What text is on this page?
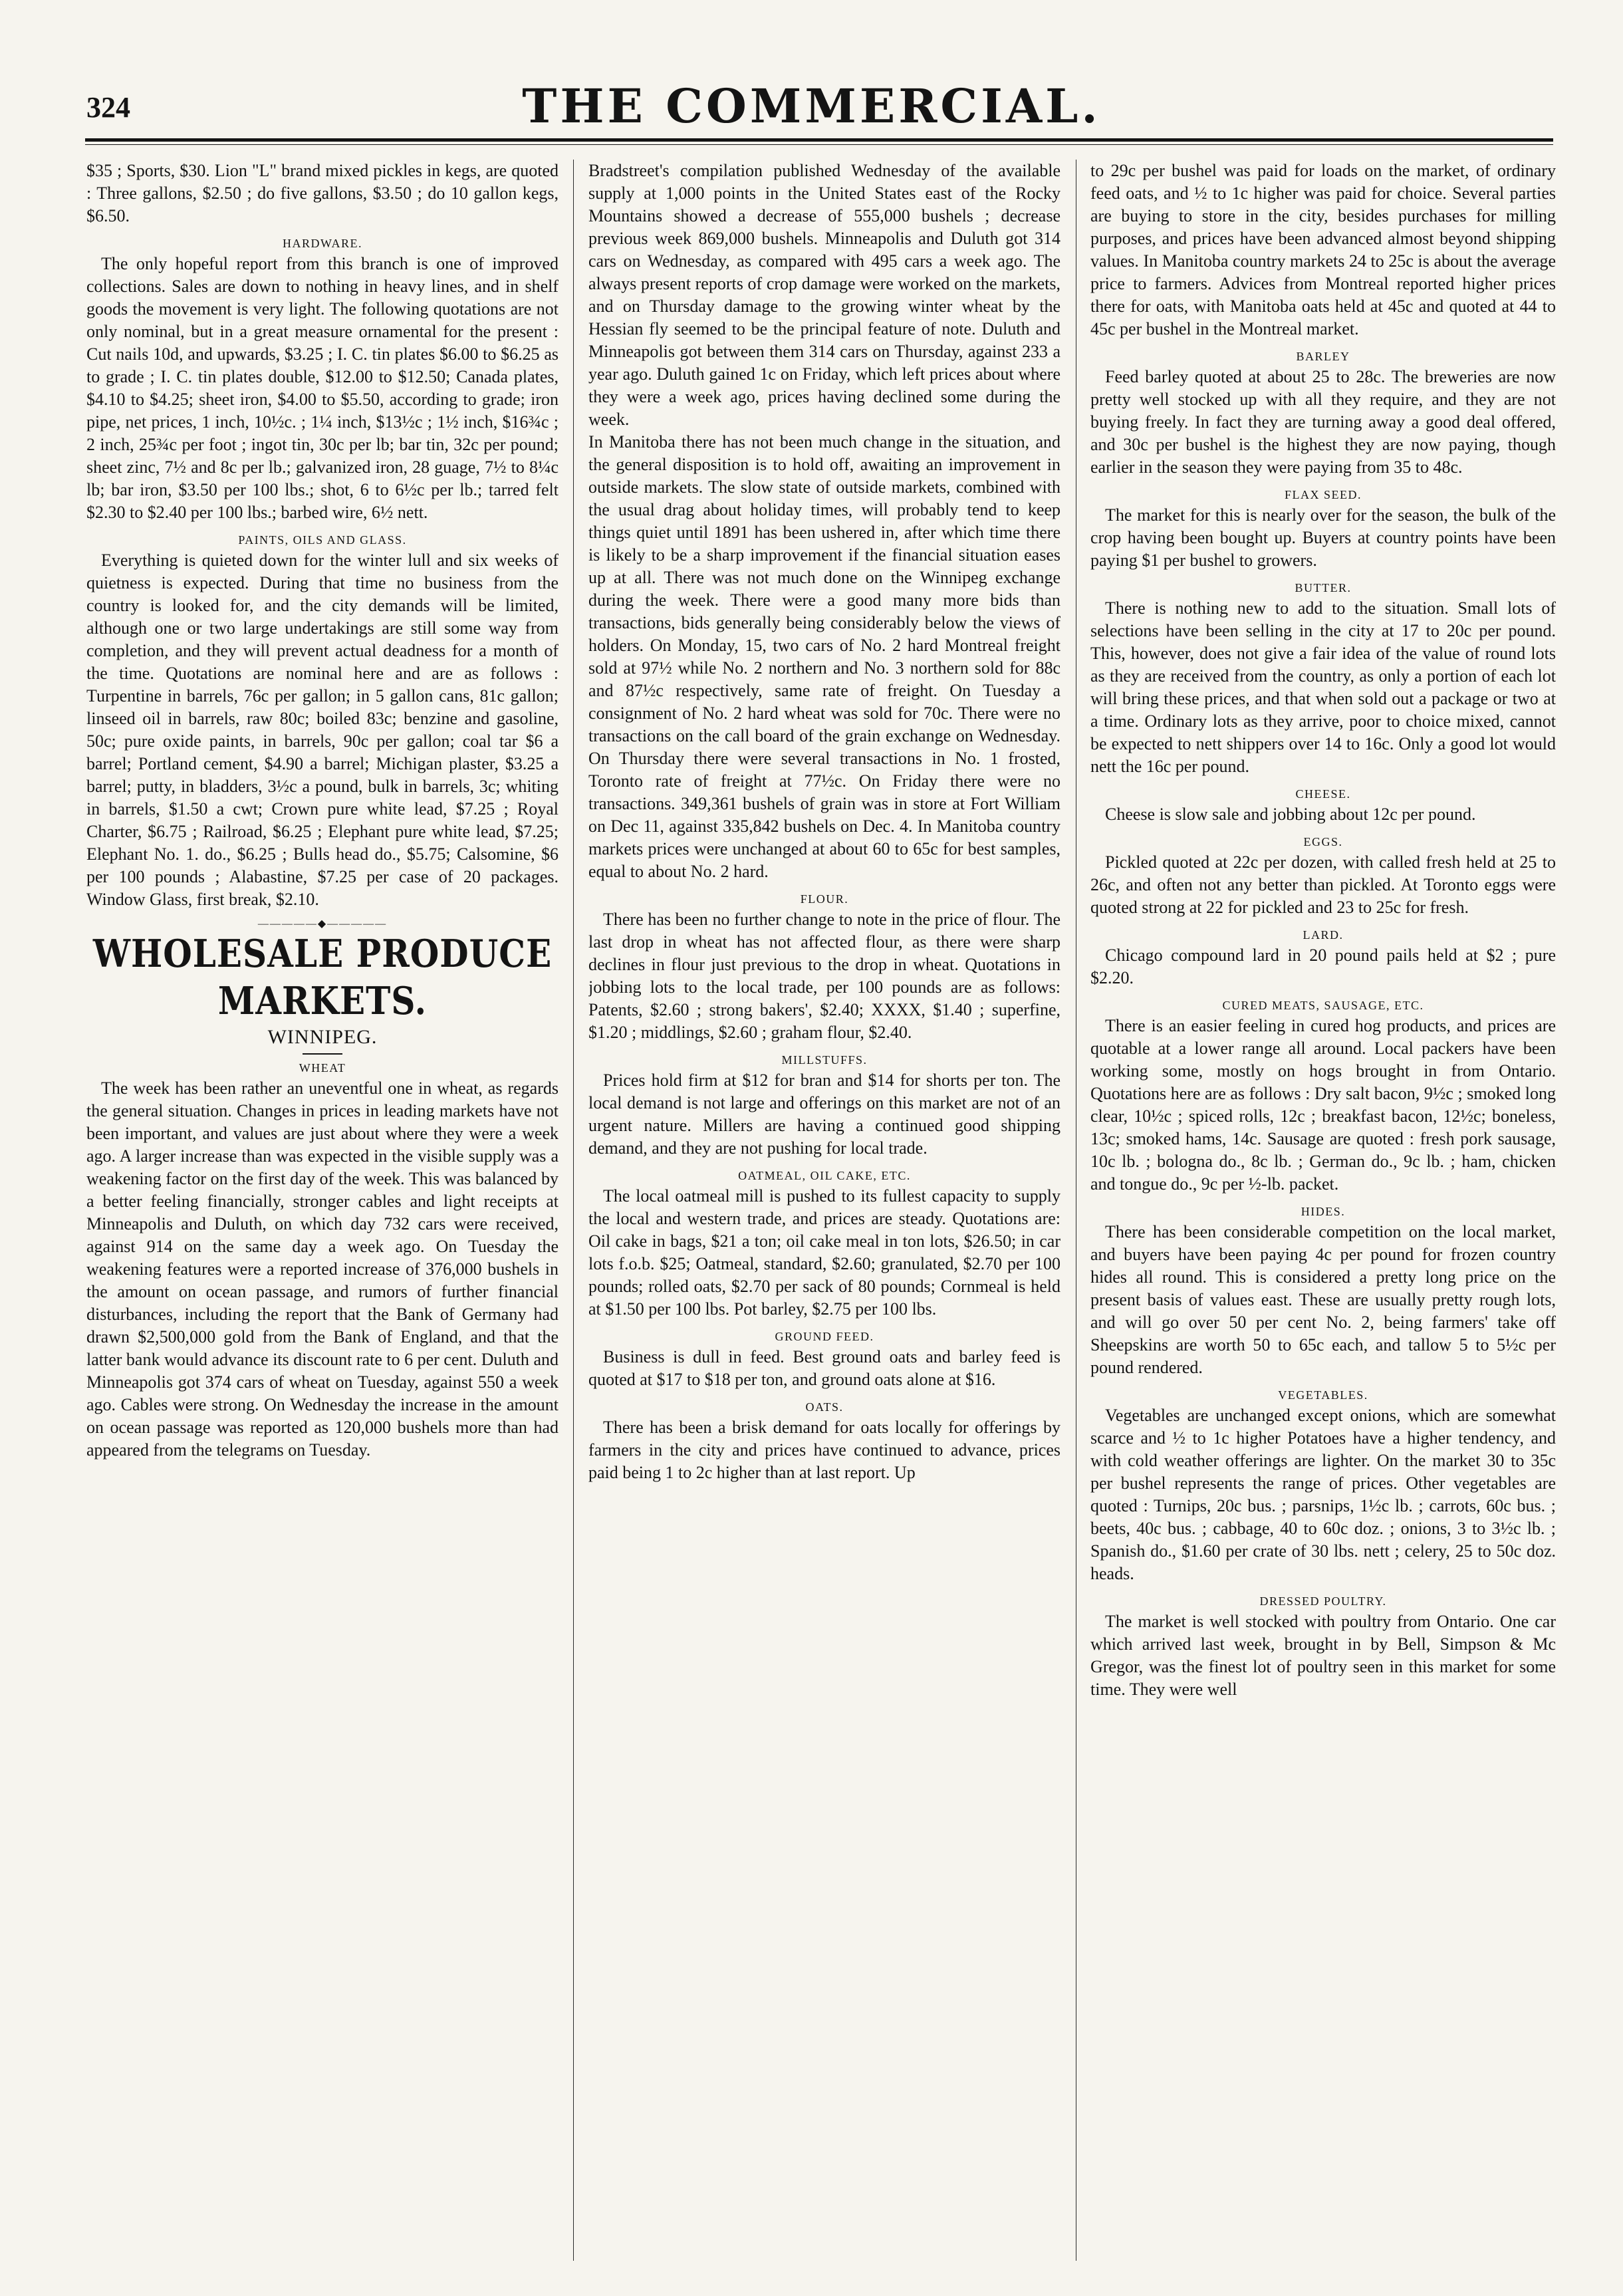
324	THE COMMERCIAL.

$35 ; Sports, $30. Lion "L" brand mixed pickles in kegs, are quoted : Three gallons, $2.50 ; do five gallons, $3.50 ; do 10 gallon kegs, $6.50.

HARDWARE.

The only hopeful report from this branch is one of improved collections. Sales are down to nothing in heavy lines, and in shelf goods the movement is very light. The following quotations are not only nominal, but in a great measure ornamental for the present : Cut nails 10d, and upwards, $3.25 ; I. C. tin plates $6.00 to $6.25 as to grade ; I. C. tin plates double, $12.00 to $12.50; Canada plates, $4.10 to $4.25; sheet iron, $4.00 to $5.50, according to grade; iron pipe, net prices, 1 inch, 10½c. ; 1¼ inch, $13½c ; 1½ inch, $16¾c ; 2 inch, 25¾c per foot ; ingot tin, 30c per lb; bar tin, 32c per pound; sheet zinc, 7½ and 8c per lb.; galvanized iron, 28 guage, 7½ to 8¼c lb; bar iron, $3.50 per 100 lbs.; shot, 6 to 6½c per lb.; tarred felt $2.30 to $2.40 per 100 lbs.; barbed wire, 6½ nett.

PAINTS, OILS AND GLASS.

Everything is quieted down for the winter lull and six weeks of quietness is expected. During that time no business from the country is looked for, and the city demands will be limited, although one or two large undertakings are still some way from completion, and they will prevent actual deadness for a month of the time. Quotations are nominal here and are as follows : Turpentine in barrels, 76c per gallon; in 5 gallon cans, 81c gallon; linseed oil in barrels, raw 80c; boiled 83c; benzine and gasoline, 50c; pure oxide paints, in barrels, 90c per gallon; coal tar $6 a barrel; Portland cement, $4.90 a barrel; Michigan plaster, $3.25 a barrel; putty, in bladders, 3½c a pound, bulk in barrels, 3c; whiting in barrels, $1.50 a cwt; Crown pure white lead, $7.25 ; Royal Charter, $6.75 ; Railroad, $6.25 ; Elephant pure white lead, $7.25; Elephant No. 1. do., $6.25 ; Bulls head do., $5.75; Calsomine, $6 per 100 pounds ; Alabastine, $7.25 per case of 20 packages. Window Glass, first break, $2.10.

—————◆—————
WHOLESALE PRODUCE MARKETS.
WINNIPEG.
WHEAT

The week has been rather an uneventful one in wheat, as regards the general situation. Changes in prices in leading markets have not been important, and values are just about where they were a week ago. A larger increase than was expected in the visible supply was a weakening factor on the first day of the week. This was balanced by a better feeling financially, stronger cables and light receipts at Minneapolis and Duluth, on which day 732 cars were received, against 914 on the same day a week ago. On Tuesday the weakening features were a reported increase of 376,000 bushels in the amount on ocean passage, and rumors of further financial disturbances, including the report that the Bank of Germany had drawn $2,500,000 gold from the Bank of England, and that the latter bank would advance its discount rate to 6 per cent. Duluth and Minneapolis got 374 cars of wheat on Tuesday, against 550 a week ago. Cables were strong. On Wednesday the increase in the amount on ocean passage was reported as 120,000 bushels more than had appeared from the telegrams on Tuesday.

Bradstreet's compilation published Wednesday of the available supply at 1,000 points in the United States east of the Rocky Mountains showed a decrease of 555,000 bushels ; decrease previous week 869,000 bushels. Minneapolis and Duluth got 314 cars on Wednesday, as compared with 495 cars a week ago. The always present reports of crop damage were worked on the markets, and on Thursday damage to the growing winter wheat by the Hessian fly seemed to be the principal feature of note. Duluth and Minneapolis got between them 314 cars on Thursday, against 233 a year ago. Duluth gained 1c on Friday, which left prices about where they were a week ago, prices having declined some during the week.

In Manitoba there has not been much change in the situation, and the general disposition is to hold off, awaiting an improvement in outside markets. The slow state of outside markets, combined with the usual drag about holiday times, will probably tend to keep things quiet until 1891 has been ushered in, after which time there is likely to be a sharp improvement if the financial situation eases up at all. There was not much done on the Winnipeg exchange during the week. There were a good many more bids than transactions, bids generally being considerably below the views of holders. On Monday, 15, two cars of No. 2 hard Montreal freight sold at 97½ while No. 2 northern and No. 3 northern sold for 88c and 87½c respectively, same rate of freight. On Tuesday a consignment of No. 2 hard wheat was sold for 70c. There were no transactions on the call board of the grain exchange on Wednesday. On Thursday there were several transactions in No. 1 frosted, Toronto rate of freight at 77½c. On Friday there were no transactions. 349,361 bushels of grain was in store at Fort William on Dec 11, against 335,842 bushels on Dec. 4. In Manitoba country markets prices were unchanged at about 60 to 65c for best samples, equal to about No. 2 hard.

FLOUR.

There has been no further change to note in the price of flour. The last drop in wheat has not affected flour, as there were sharp declines in flour just previous to the drop in wheat. Quotations in jobbing lots to the local trade, per 100 pounds are as follows: Patents, $2.60 ; strong bakers', $2.40; XXXX, $1.40 ; superfine, $1.20 ; middlings, $2.60 ; graham flour, $2.40.

MILLSTUFFS.

Prices hold firm at $12 for bran and $14 for shorts per ton. The local demand is not large and offerings on this market are not of an urgent nature. Millers are having a continued good shipping demand, and they are not pushing for local trade.

OATMEAL, OIL CAKE, ETC.

The local oatmeal mill is pushed to its fullest capacity to supply the local and western trade, and prices are steady. Quotations are: Oil cake in bags, $21 a ton; oil cake meal in ton lots, $26.50; in car lots f.o.b. $25; Oatmeal, standard, $2.60; granulated, $2.70 per 100 pounds; rolled oats, $2.70 per sack of 80 pounds; Cornmeal is held at $1.50 per 100 lbs. Pot barley, $2.75 per 100 lbs.

GROUND FEED.

Business is dull in feed. Best ground oats and barley feed is quoted at $17 to $18 per ton, and ground oats alone at $16.

OATS.

There has been a brisk demand for oats locally for offerings by farmers in the city and prices have continued to advance, prices paid being 1 to 2c higher than at last report. Up

to 29c per bushel was paid for loads on the market, of ordinary feed oats, and ½ to 1c higher was paid for choice. Several parties are buying to store in the city, besides purchases for milling purposes, and prices have been advanced almost beyond shipping values. In Manitoba country markets 24 to 25c is about the average price to farmers. Advices from Montreal reported higher prices there for oats, with Manitoba oats held at 45c and quoted at 44 to 45c per bushel in the Montreal market.

BARLEY

Feed barley quoted at about 25 to 28c. The breweries are now pretty well stocked up with all they require, and they are not buying freely. In fact they are turning away a good deal offered, and 30c per bushel is the highest they are now paying, though earlier in the season they were paying from 35 to 48c.

FLAX SEED.

The market for this is nearly over for the season, the bulk of the crop having been bought up. Buyers at country points have been paying $1 per bushel to growers.

BUTTER.

There is nothing new to add to the situation. Small lots of selections have been selling in the city at 17 to 20c per pound. This, however, does not give a fair idea of the value of round lots as they are received from the country, as only a portion of each lot will bring these prices, and that when sold out a package or two at a time. Ordinary lots as they arrive, poor to choice mixed, cannot be expected to nett shippers over 14 to 16c. Only a good lot would nett the 16c per pound.

CHEESE.

Cheese is slow sale and jobbing about 12c per pound.

EGGS.

Pickled quoted at 22c per dozen, with called fresh held at 25 to 26c, and often not any better than pickled. At Toronto eggs were quoted strong at 22 for pickled and 23 to 25c for fresh.

LARD.

Chicago compound lard in 20 pound pails held at $2 ; pure $2.20.

CURED MEATS, SAUSAGE, ETC.

There is an easier feeling in cured hog products, and prices are quotable at a lower range all around. Local packers have been working some, mostly on hogs brought in from Ontario. Quotations here are as follows : Dry salt bacon, 9½c ; smoked long clear, 10½c ; spiced rolls, 12c ; breakfast bacon, 12½c; boneless, 13c; smoked hams, 14c. Sausage are quoted : fresh pork sausage, 10c lb. ; bologna do., 8c lb. ; German do., 9c lb. ; ham, chicken and tongue do., 9c per ½-lb. packet.

HIDES.

There has been considerable competition on the local market, and buyers have been paying 4c per pound for frozen country hides all round. This is considered a pretty long price on the present basis of values east. These are usually pretty rough lots, and will go over 50 per cent No. 2, being farmers' take off Sheepskins are worth 50 to 65c each, and tallow 5 to 5½c per pound rendered.

VEGETABLES.

Vegetables are unchanged except onions, which are somewhat scarce and ½ to 1c higher Potatoes have a higher tendency, and with cold weather offerings are lighter. On the market 30 to 35c per bushel represents the range of prices. Other vegetables are quoted : Turnips, 20c bus. ; parsnips, 1½c lb. ; carrots, 60c bus. ; beets, 40c bus. ; cabbage, 40 to 60c doz. ; onions, 3 to 3½c lb. ; Spanish do., $1.60 per crate of 30 lbs. nett ; celery, 25 to 50c doz. heads.

DRESSED POULTRY.

The market is well stocked with poultry from Ontario. One car which arrived last week, brought in by Bell, Simpson & Mc Gregor, was the finest lot of poultry seen in this market for some time. They were well
